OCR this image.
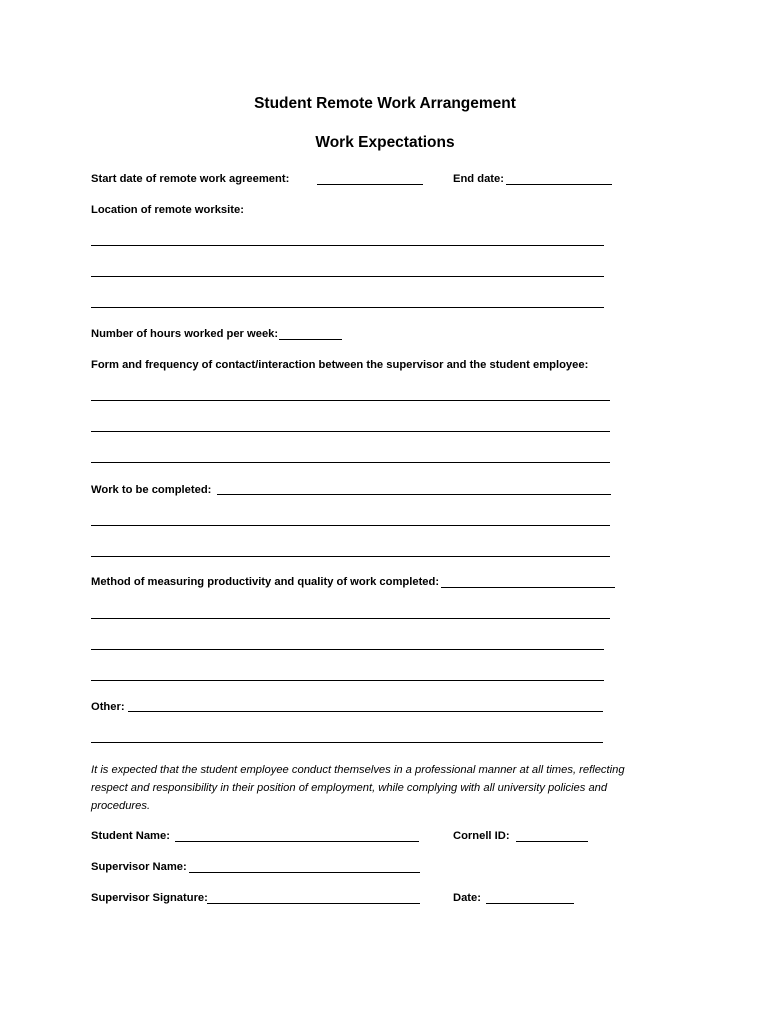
Student Remote Work Arrangement
Work Expectations
Start date of remote work agreement:	End date:
Location of remote worksite:
Number of hours worked per week:
Form and frequency of contact/interaction between the supervisor and the student employee:
Work to be completed:
Method of measuring productivity and quality of work completed:
Other:
It is expected that the student employee conduct themselves in a professional manner at all times, reflecting respect and responsibility in their position of employment, while complying with all university policies and procedures.
Student Name:	Cornell ID:
Supervisor Name:
Supervisor Signature:	Date:
